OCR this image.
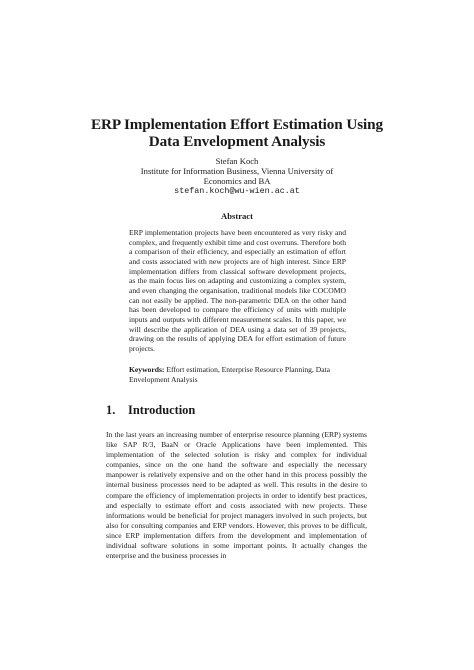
ERP Implementation Effort Estimation Using
Data Envelopment Analysis
Stefan Koch
Institute for Information Business, Vienna University of
Economics and BA
stefan.koch@wu-wien.ac.at
Abstract

ERP implementation projects have been encountered as very risky and complex, and frequently exhibit time and cost overruns. Therefore both a comparison of their efficiency, and especially an estimation of effort and costs associated with new projects are of high interest. Since ERP implementation differs from classical software development projects, as the main focus lies on adapting and customizing a complex system, and even changing the organisation, traditional models like COCOMO can not easily be applied. The non-parametric DEA on the other hand has been developed to compare the efficiency of units with multiple inputs and outputs with different measurement scales. In this paper, we will describe the application of DEA using a data set of 39 projects, drawing on the results of applying DEA for effort estimation of future projects.

Keywords: Effort estimation, Enterprise Resource Planning, Data Envelopment Analysis
1. Introduction

In the last years an increasing number of enterprise resource planning (ERP) systems like SAP R/3, BaaN or Oracle Applications have been implemented. This implementation of the selected solution is risky and complex for individual companies, since on the one hand the software and especially the necessary manpower is relatively expensive and on the other hand in this process possibly the internal business processes need to be adapted as well. This results in the desire to compare the efficiency of implementation projects in order to identify best practices, and especially to estimate effort and costs associated with new projects. These informations would be beneficial for project managers involved in such projects, but also for consulting companies and ERP vendors. However, this proves to be difficult, since ERP implementation differs from the development and implementation of individual software solutions in some important points. It actually changes the enterprise and the business processes in
